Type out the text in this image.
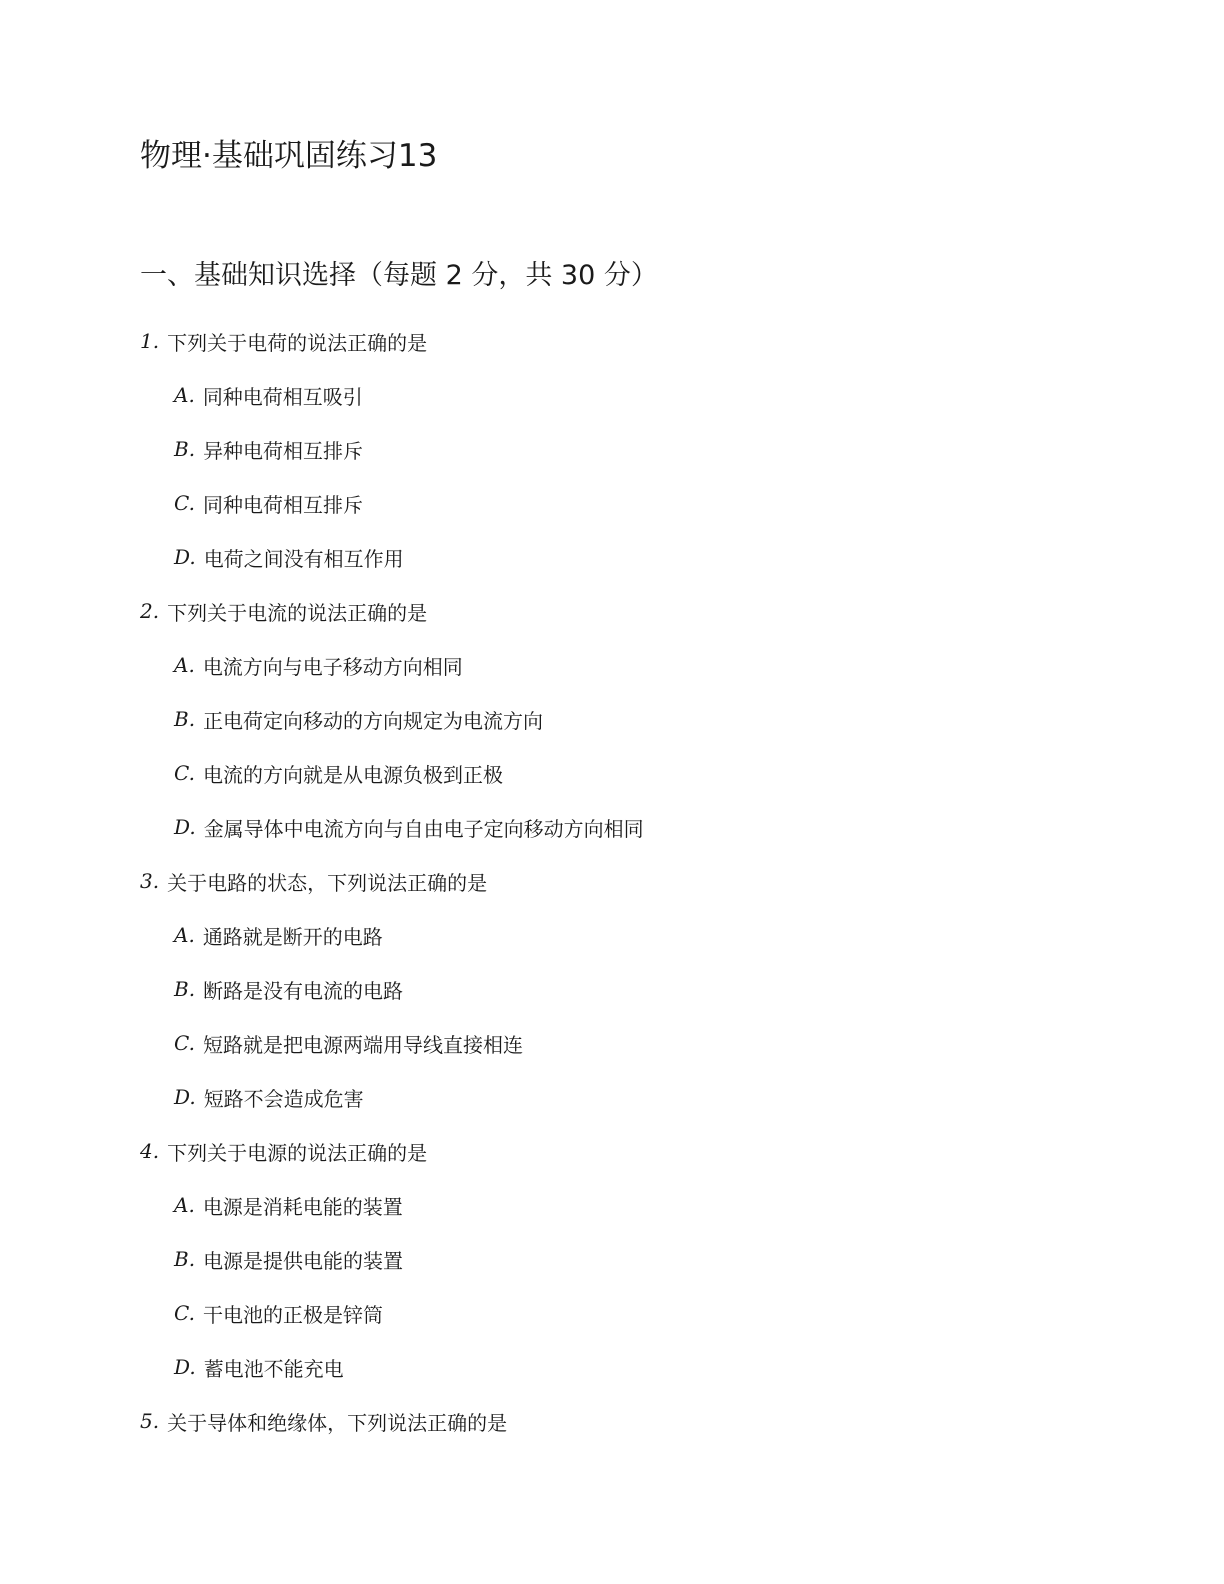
物理·基础巩固练习13
一、基础知识选择（每题 2 分，共 30 分）
1. 下列关于电荷的说法正确的是
A. 同种电荷相互吸引
B. 异种电荷相互排斥
C. 同种电荷相互排斥
D. 电荷之间没有相互作用
2. 下列关于电流的说法正确的是
A. 电流方向与电子移动方向相同
B. 正电荷定向移动的方向规定为电流方向
C. 电流的方向就是从电源负极到正极
D. 金属导体中电流方向与自由电子定向移动方向相同
3. 关于电路的状态，下列说法正确的是
A. 通路就是断开的电路
B. 断路是没有电流的电路
C. 短路就是把电源两端用导线直接相连
D. 短路不会造成危害
4. 下列关于电源的说法正确的是
A. 电源是消耗电能的装置
B. 电源是提供电能的装置
C. 干电池的正极是锌筒
D. 蓄电池不能充电
5. 关于导体和绝缘体，下列说法正确的是
